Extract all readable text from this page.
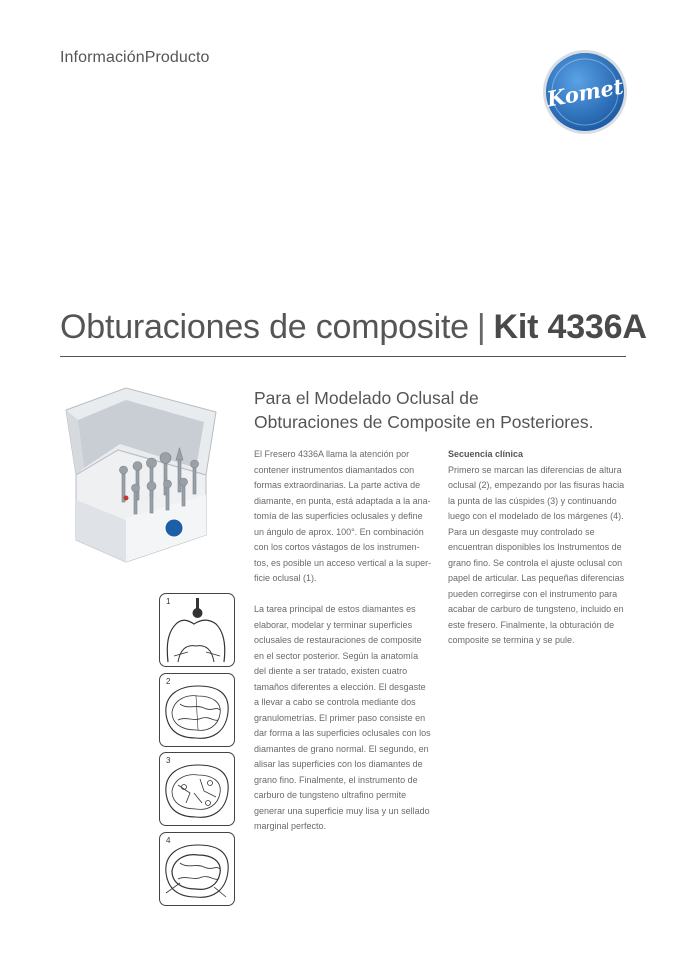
InformaciónProducto
Komet
Obturaciones de composite | Kit 4336A
Para el Modelado Oclusal de
Obturaciones de Composite en Posteriores.
1
2
3
4

El Fresero 4336A llama la atención por
contener instrumentos diamantados con
formas extraordinarias. La parte activa de
diamante, en punta, está adaptada a la ana-
tomía de las superficies oclusales y define
un ángulo de aprox. 100°. En combinación
con los cortos vástagos de los instrumen-
tos, es posible un acceso vertical a la super-
ficie oclusal (1).

La tarea principal de estos diamantes es
elaborar, modelar y terminar superficies
oclusales de restauraciones de composite
en el sector posterior. Según la anatomía
del diente a ser tratado, existen cuatro
tamaños diferentes a elección. El desgaste
a llevar a cabo se controla mediante dos
granulometrías. El primer paso consiste en
dar forma a las superficies oclusales con los
diamantes de grano normal. El segundo, en
alisar las superficies con los diamantes de
grano fino. Finalmente, el instrumento de
carburo de tungsteno ultrafino permite
generar una superficie muy lisa y un sellado
marginal perfecto.

Secuencia clínica
Primero se marcan las diferencias de altura
oclusal (2), empezando por las fisuras hacia
la punta de las cúspides (3) y continuando
luego con el modelado de los márgenes (4).
Para un desgaste muy controlado se
encuentran disponibles los Instrumentos de
grano fino. Se controla el ajuste oclusal con
papel de articular. Las pequeñas diferencias
pueden corregirse con el instrumento para
acabar de carburo de tungsteno, incluido en
este fresero. Finalmente, la obturación de
composite se termina y se pule.
